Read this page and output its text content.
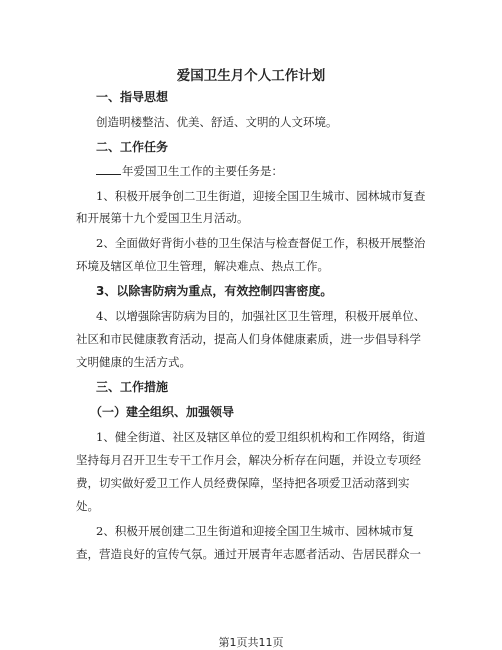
爱国卫生月个人工作计划
一、指导思想
创造明楼整洁、优美、舒适、文明的人文环境。
二、工作任务
年爱国卫生工作的主要任务是：
1、积极开展争创二卫生街道，迎接全国卫生城市、园林城市复查
和开展第十九个爱国卫生月活动。
2、全面做好背街小巷的卫生保洁与检查督促工作，积极开展整治
环境及辖区单位卫生管理，解决难点、热点工作。
3、以除害防病为重点，有效控制四害密度。
4、以增强除害防病为目的，加强社区卫生管理，积极开展单位、
社区和市民健康教育活动，提高人们身体健康素质，进一步倡导科学
文明健康的生活方式。
三、工作措施
（一）建全组织、加强领导
1、健全街道、社区及辖区单位的爱卫组织机构和工作网络，街道
坚持每月召开卫生专干工作月会，解决分析存在问题，并设立专项经
费，切实做好爱卫工作人员经费保障，坚持把各项爱卫活动落到实
处。
2、积极开展创建二卫生街道和迎接全国卫生城市、园林城市复
查，营造良好的宣传气氛。通过开展青年志愿者活动、告居民群众一
第1页共11页
